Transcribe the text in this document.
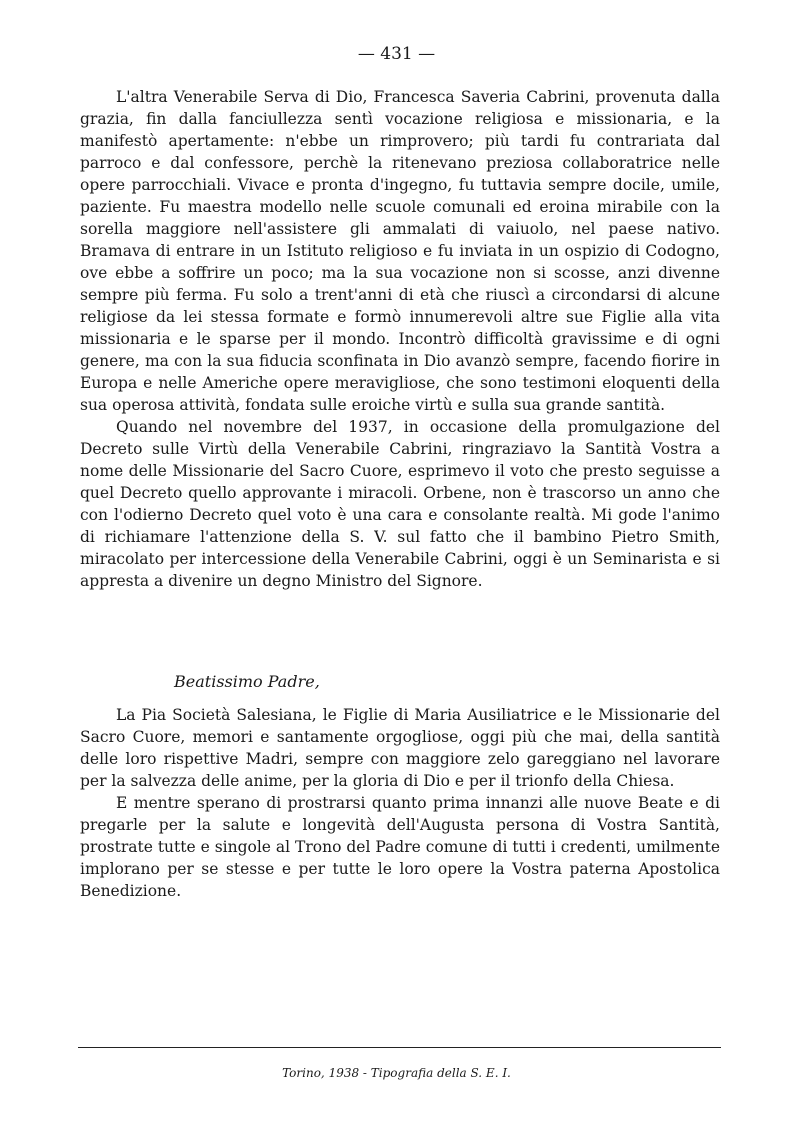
— 431 —

L'altra Venerabile Serva di Dio, Francesca Saveria Cabrini, provenuta dalla grazia, fin dalla fanciullezza sentì vocazione religiosa e missionaria, e la manifestò apertamente: n'ebbe un rimprovero; più tardi fu contrariata dal parroco e dal confessore, perchè la ritenevano preziosa collaboratrice nelle opere parrocchiali. Vivace e pronta d'ingegno, fu tuttavia sempre docile, umile, paziente. Fu maestra modello nelle scuole comunali ed eroina mirabile con la sorella maggiore nell'assistere gli ammalati di vaiuolo, nel paese nativo. Bramava di entrare in un Istituto religioso e fu inviata in un ospizio di Codogno, ove ebbe a soffrire un poco; ma la sua vocazione non si scosse, anzi divenne sempre più ferma. Fu solo a trent'anni di età che riuscì a circondarsi di alcune religiose da lei stessa formate e formò innumerevoli altre sue Figlie alla vita missionaria e le sparse per il mondo. Incontrò difficoltà gravissime e di ogni genere, ma con la sua fiducia sconfinata in Dio avanzò sempre, facendo fiorire in Europa e nelle Americhe opere meravigliose, che sono testimoni eloquenti della sua operosa attività, fondata sulle eroiche virtù e sulla sua grande santità.

Quando nel novembre del 1937, in occasione della promulgazione del Decreto sulle Virtù della Venerabile Cabrini, ringraziavo la Santità Vostra a nome delle Missionarie del Sacro Cuore, esprimevo il voto che presto seguisse a quel Decreto quello approvante i miracoli. Orbene, non è trascorso un anno che con l'odierno Decreto quel voto è una cara e consolante realtà. Mi gode l'animo di richiamare l'attenzione della S. V. sul fatto che il bambino Pietro Smith, miracolato per intercessione della Venerabile Cabrini, oggi è un Seminarista e si appresta a divenire un degno Ministro del Signore.

Beatissimo Padre,

La Pia Società Salesiana, le Figlie di Maria Ausiliatrice e le Missionarie del Sacro Cuore, memori e santamente orgogliose, oggi più che mai, della santità delle loro rispettive Madri, sempre con maggiore zelo gareggiano nel lavorare per la salvezza delle anime, per la gloria di Dio e per il trionfo della Chiesa.

E mentre sperano di prostrarsi quanto prima innanzi alle nuove Beate e di pregarle per la salute e longevità dell'Augusta persona di Vostra Santità, prostrate tutte e singole al Trono del Padre comune di tutti i credenti, umilmente implorano per se stesse e per tutte le loro opere la Vostra paterna Apostolica Benedizione.

Torino, 1938 - Tipografia della S. E. I.
